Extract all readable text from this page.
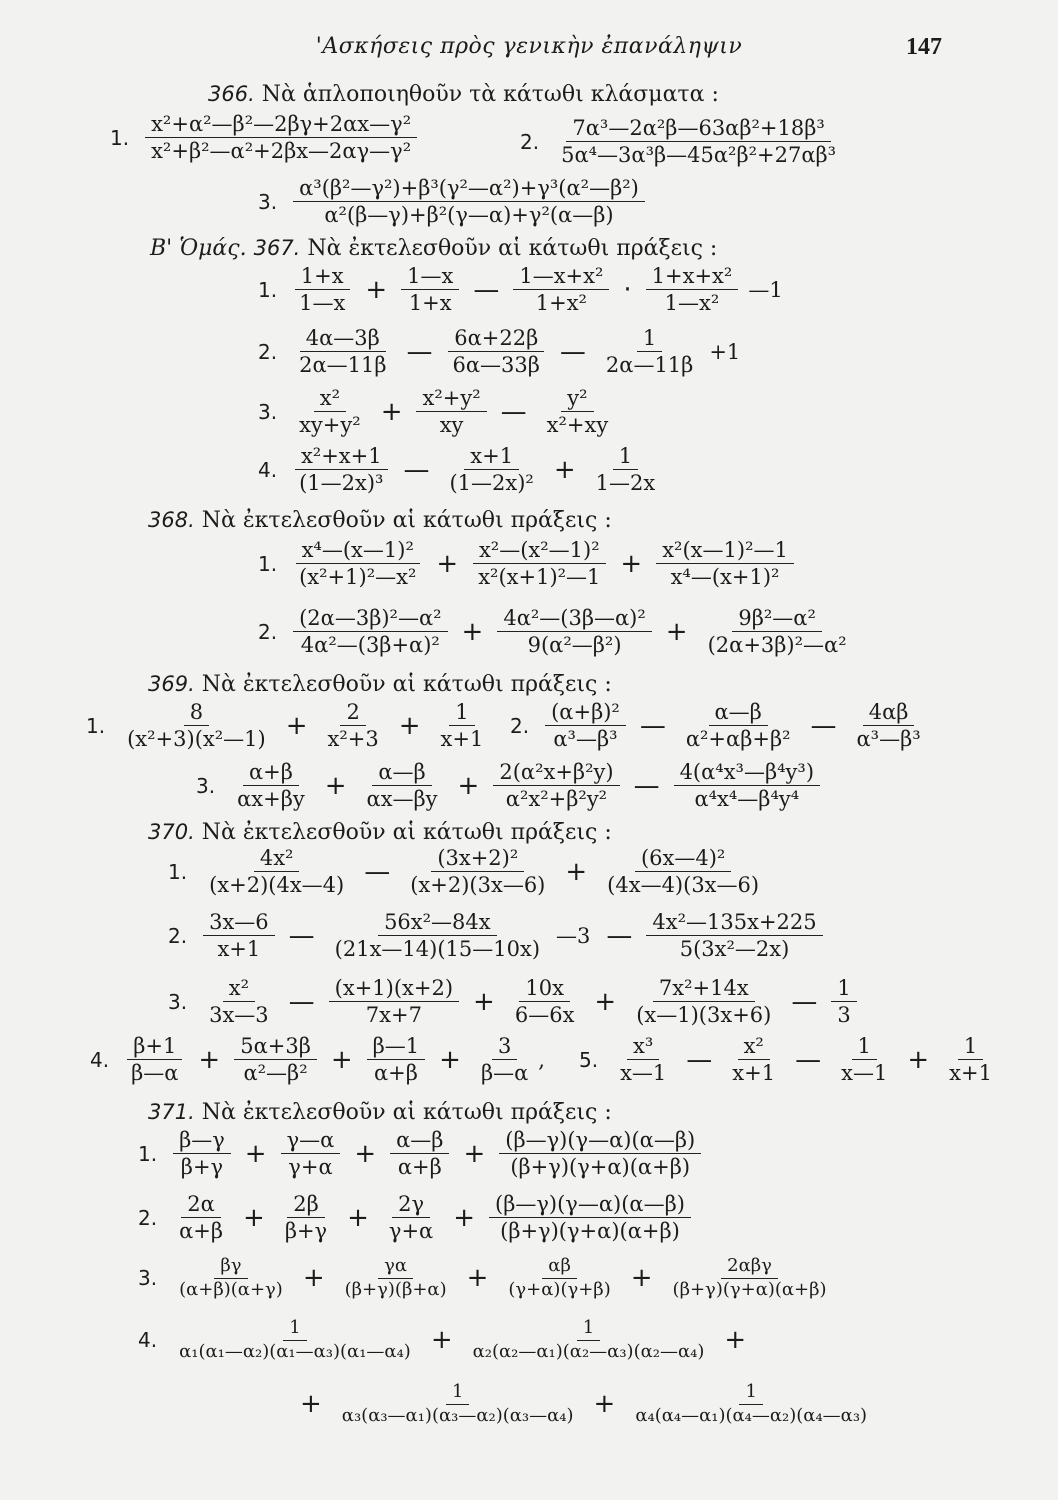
'Ασκήσεις πρὸς γενικὴν ἐπανάληψιν	147
366. Νὰ ἁπλοποιηθοῦν τὰ κάτωθι κλάσματα :
1. $\frac{\text{x²+α²—β²—2βγ+2αx—γ²}}{\text{x²+β²—α²+2βx—2αγ—γ²}}$	2. $\frac{\text{7α³—2α²β—63αβ²+18β³}}{\text{5α⁴—3α³β—45α²β²+27αβ³}}$
3. $\frac{\text{α³(β²—γ²)+β³(γ²—α²)+γ³(α²—β²)}}{\text{α²(β—γ)+β²(γ—α)+γ²(α—β)}}$
Β' Ὁμάς. 367. Νὰ ἐκτελεσθοῦν αἱ κάτωθι πράξεις :
1. $\frac{1+x}{1—x} + \frac{1—x}{1+x}$ — $\frac{\text{1—x+x²}}{\text{1+x²}} \cdot \frac{\text{1+x+x²}}{\text{1—x²}}$ —1
2. $\frac{4\alpha—3\beta}{2\alpha—11\beta}$ — $\frac{6\alpha+22\beta}{6\alpha—33\beta}$ — $\frac{1}{2\alpha—11\beta} +1$
3. $\frac{\text{x²}}{\text{xy+y²}} + \frac{\text{x²+y²}}{xy}$ — $\frac{\text{y²}}{\text{x²+xy}}$
4. $\frac{\text{x²+x+1}}{\text{(1—2x)³}}$ — $\frac{x+1}{\text{(1—2x)²}} + \frac{1}{1—2x}$
368. Νὰ ἐκτελεσθοῦν αἱ κάτωθι πράξεις :
1. $\frac{\text{x⁴—(x—1)²}}{\text{(x²+1)²—x²}} + \frac{\text{x²—(x²—1)²}}{\text{x²(x+1)²—1}} + \frac{\text{x²(x—1)²—1}}{\text{x⁴—(x+1)²}}$
2. $\frac{\text{(2α—3β)²—α²}}{\text{4α²—(3β+α)²}} + \frac{\text{4α²—(3β—α)²}}{\text{9(α²—β²)}} + \frac{\text{9β²—α²}}{\text{(2α+3β)²—α²}}$
369. Νὰ ἐκτελεσθοῦν αἱ κάτωθι πράξεις :
1. $\frac{8}{\text{(x²+3)(x²—1)}} + \frac{2}{\text{x²+3}} + \frac{1}{x+1} 2$. $\frac{\text{(α+β)²}}{\text{α³—β³}}$ — $\frac{\alpha—\beta}{\text{α²+αβ+β²}}$ — $\frac{4\alpha\beta}{\text{α³—β³}}$
3. $\frac{\alpha+\beta}{\alpha x+\beta y} + \frac{\alpha—\beta}{\alpha x—\beta y} + \frac{\text{2(α²x+β²y)}}{\text{α²x²+β²y²}}$ — $\frac{\text{4(α⁴x³—β⁴y³)}}{\text{α⁴x⁴—β⁴y⁴}}$
370. Νὰ ἐκτελεσθοῦν αἱ κάτωθι πράξεις :
1. $\frac{\text{4x²}}{(x+2)(4x—4)}$ — $\frac{\text{(3x+2)²}}{(x+2)(3x—6)} + \frac{\text{(6x—4)²}}{(4x—4)(3x—6)}$
2. $\frac{3x—6}{x+1}$ — $\frac{\text{56x²—84x}}{(21x—14)(15—10x)}$ —3 — $\frac{\text{4x²—135x+225}}{\text{5(3x²—2x)}}$
3. $\frac{\text{x²}}{3x—3}$ — $\frac{(x+1)(x+2)}{7x+7} + \frac{10x}{6—6x} + \frac{\text{7x²+14x}}{(x—1)(3x+6)}$ — $\frac{1}{3}$
4. $\frac{\beta+1}{\beta—\alpha} + \frac{5\alpha+3\beta}{\text{α²—β²}} + \frac{\beta—1}{\alpha+\beta} + \frac{3}{\beta—\alpha}$ , 5. $\frac{\text{x³}}{x—1}$ — $\frac{\text{x²}}{x+1}$ — $\frac{1}{x—1} + \frac{1}{x+1}$
371. Νὰ ἐκτελεσθοῦν αἱ κάτωθι πράξεις :
1. $\frac{\beta—\gamma}{\beta+\gamma} + \frac{\gamma—\alpha}{\gamma+\alpha} + \frac{\alpha—\beta}{\alpha+\beta} + \frac{(\beta—\gamma)(\gamma—\alpha)(\alpha—\beta)}{(\beta+\gamma)(\gamma+\alpha)(\alpha+\beta)}$
2. $\frac{2\alpha}{\alpha+\beta} + \frac{2\beta}{\beta+\gamma} + \frac{2\gamma}{\gamma+\alpha} + \frac{(\beta—\gamma)(\gamma—\alpha)(\alpha—\beta)}{(\beta+\gamma)(\gamma+\alpha)(\alpha+\beta)}$
3. $\frac{\beta\gamma}{(\alpha+\beta)(\alpha+\gamma)} + \frac{\gamma\alpha}{(\beta+\gamma)(\beta+\alpha)} + \frac{\alpha\beta}{(\gamma+\alpha)(\gamma+\beta)} + \frac{\text{2αβγ}}{(\beta+\gamma)(\gamma+\alpha)(\alpha+\beta)}$
4. $\frac{1}{\text{α₁(α₁—α₂)(α₁—α₃)(α₁—α₄)}} + \frac{1}{\text{α₂(α₂—α₁)(α₂—α₃)(α₂—α₄)}}$ +
+ $\frac{1}{\text{α₃(α₃—α₁)(α₃—α₂)(α₃—α₄)}} + \frac{1}{\text{α₄(α₄—α₁)(α₄—α₂)(α₄—α₃)}}$
